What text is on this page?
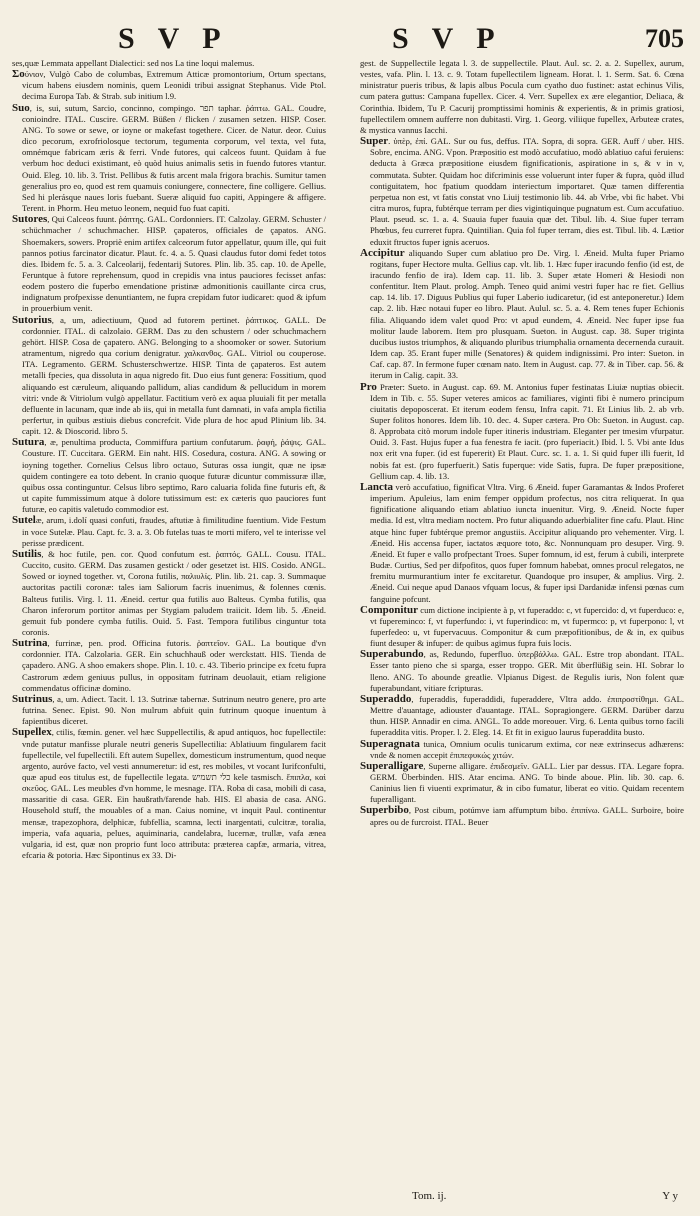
S V P	S V P	705

ses,quæ Lemmata appellant Dialectici: sed nos La tine loqui malemus.

Σούνιον, Vulgò Cabo de columbas, Extremum Atticæ promontorium, Ortum spectans, vicum habens eiusdem nominis, quem Leonidi tribui assignat Stephanus. Vide Ptol. decima Europa Tab. & Strab. sub initium l.9.

Suo, is, sui, sutum, Sarcio, concinno, compingo. תפר taphar. ῥάπτω. GAL. Coudre, conioindre. ITAL. Cuscire. GERM. Büßen / flicken / zusamen setzen. HISP. Coser. ANG. To sowe or sewe, or ioyne or makefast togethere. Cicer. de Natur. deor. Cuius dico pecorum, exrofriolosque tectorum, tegumenta corporum, vel texta, vel futa, omnémque fabricam æris & ferri. Vnde futores, qui calceos fuunt. Quidam à fue verbum hoc deduci existimant, eò quòd huius animalis setis in fuendo futores vtantur. Ouid. Eleg. 10. lib. 3. Trist. Pellibus & futis arcent mala frigora brachis. Sumitur tamen generalius pro eo, quod est rem quamuis coniungere, connectere, fine colligere. Gellius. Sed hi plerásque naues loris fuebant. Sueræ aliquid fuo capiti, Appingere & affigere. Terent. in Phorm. Heu metuo leonem, nequid fuo fuat capiti.

Sutores, Qui Calceos fuunt. ῥάπτης. GAL. Cordonniers. IT. Calzolay. GERM. Schuster / schüchmacher / schuchmacher. HISP. çapateros, officiales de çapatos. ANG. Shoemakers, sowers. Propriè enim artifex calceorum futor appellatur, quum ille, qui fuit pannos potius farcinator dicatur. Plaut. fc. 4. a. 5. Quasi claudus futor domi fedet totos dies. Ibidem fc. 5. a. 3. Calceolarij, fedentarij Sutores. Plin. lib. 35. cap. 10. de Apelle, Feruntque à futore reprehensum, quod in crepidis vna intus pauciores fecisset anfas: eodem postero die fuperbo emendatione pristinæ admonitionis cauillante circa crus, indignatum profpexisse denuntiantem, ne fupra crepidam futor iudicaret: quod & ipfum in prouerbium venit.

Sutorius, a, um, adiectiuum, Quod ad futorem pertinet. ῥάπτικος. GALL. De cordonnier. ITAL. di calzolaio. GERM. Das zu den schustern / oder schuchmachern gehört. HISP. Cosa de çapatero. ANG. Belonging to a shoomoker or sower. Sutorium atramentum, nigredo qua corium denigratur. χαλκανθος. GAL. Vitriol ou couperose. ITA. Legramento. GERM. Schusterschwertze. HISP. Tinta de çapateros. Est autem metalli fpecies, qua dissoluta in aqua nigredo fit. Duo eius funt genera: Fossitium, quod aliquando est cæruleum, aliquando pallidum, alias candidum & pellucidum in morem vitri: vnde & Vitriolum vulgò appellatur. Factitium verò ex aqua pluuiali fit per metalla defluente in lacunam, quæ inde ab iis, qui in metalla funt damnati, in vafa ampla fictilia perfertur, in quibus æstiuis diebus concrefcit. Vide plura de hoc apud Plinium lib. 34. capit. 12. & Dioscorid. libro 5.

Sutura, æ, penultima producta, Commiffura partium confutarum. ῥαφή, ῥάψις. GAL. Cousture. IT. Cuccitara. GERM. Ein naht. HIS. Cosedura, costura. ANG. A sowing or ioyning together. Cornelius Celsus libro octauo, Suturas ossa iungit, quæ ne ipsæ quidem contingere ea toto debent. In cranio quoque futuræ dicuntur commissuræ illæ, quibus ossa continguntur. Celsus libro septimo, Raro caluaria folida fine futuris eft, & ut capite fummissimum atque à dolore tutissimum est: ex cæteris quo pauciores funt futuræ, eo capitis valetudo commodior est.

Sutelæ, arum, i.dolí quasi confuti, fraudes, aftutiæ à fimilitudine fuentium. Vide Festum in voce Sutelæ. Plau. Capt. fc. 3. a. 3. Ob futelas tuas te morti mifero, vel te interisse vel perisse prædicent.

Sutilis, & hoc futile, pen. cor. Quod confutum est. ῥαπτός. GALL. Cousu. ITAL. Cuccito, cusito. GERM. Das zusamen gestickt / oder gesetzet ist. HIS. Cosido. ANGL. Sowed or ioyned together. vt, Corona futilis, παλιυλίς. Plin. lib. 21. cap. 3. Summaque auctoritas pactili coronæ: tales iam Saliorum facris inuenimus, & folennes cœnis. Balteus futilis. Virg. l. 11. Æneid. certur qua futilis auo Balteus. Cymba futilis, qua Charon inferorum portitor animas per Stygiam paludem traiicit. Idem lib. 5. Æneid. gemuit fub pondere cymba futilis. Ouid. 5. Fast. Tempora futilibus cinguntur tota coronis.

Sutrina, furrinæ, pen. prod. Officina futoris. ῥαπτεῖον. GAL. La boutique d'vn cordonnier. ITA. Calzolaria. GER. Ein schuchhauß oder werckstatt. HIS. Tienda de çapadero. ANG. A shoo emakers shope. Plin. l. 10. c. 43. Tiberio principe ex fcetu fupra Castrorum ædem geniuus pullus, in oppositam futrinam deuolauit, etiam religione commendatus officinæ domino.

Sutrinus, a, um. Adiect. Tacit. l. 13. Sutrinæ tabernæ. Sutrinum neutro genere, pro arte futrina. Senec. Epist. 90. Non mulrum abfuit quin futrinum quoque inuentum à fapientibus diceret.

Supellex, ctilis, fœmin. gener. vel hæc Suppellectilis, & apud antiquos, hoc fupellectile: vnde putatur manfisse plurale neutri generis Supellectilia: Ablatiuum fingularem facit fupellectile, vel fupellectili. Eft autem Supellex, domesticum instrumentum, quod neque argento, auróve facto, vel vesti annumeretur: id est, res mobiles, vt vocant Iurifconfulti, quæ apud eos titulus est, de fupellectile legata. כלי תשמיש kele tasmisch. ἔπιπλα, καὶ σκεῦος. GAL. Les meubles d'vn homme, le mesnage. ITA. Roba di casa, mobili di casa, massaritie di casa. GER. Ein haußrath/farende hab. HIS. El abasia de casa. ANG. Household stuff, the mouables of a man. Caius nomine, vt inquit Paul. continentur mensæ, trapezophora, delphicæ, fubfellia, scamna, lecti inargentati, culcitræ, toralia, imperia, vafa aquaria, pelues, aquiminaria, candelabra, lucernæ, trullæ, vafa ænea vulgaria, id est, quæ non proprio funt loco attributa: præterea capfæ, armaria, vitrea, efcaria & potoria. Hæc Sipontinus ex 33. Di-

gest. de Suppellectile legata l. 3. de suppellectile. Plaut. Aul. sc. 2. a. 2. Supellex, aurum, vestes, vafa. Plin. l. 13. c. 9. Totam fupellectilem ligneam. Horat. l. 1. Serm. Sat. 6. Cœna ministratur pueris tribus, & lapis albus Pocula cum cyatho duo fustinet: astat echinus Vilis, cum patera guttus: Campana fupellex. Cicer. 4. Verr. Supellex ex ære elegantior, Deliaca, & Corinthia. Ibidem, Tu P. Cacurij promptissimi hominis & experientis, & in primis gratiosi, fupellectilem omnem aufferre non dubitasti. Virg. 1. Georg. viliique fupellex, Arbuteæ crates, & mystica vannus Iacchi.

Super. ὑπὲρ, ἐπί. GAL. Sur ou fus, deffus. ITA. Sopra, di sopra. GER. Auff / uber. HIS. Sobre, encima. ANG. Vpon. Præpositio est modò accufatiuo, modò ablatiuo cafui feruiens: deducta à Græca præpositione eiusdem fignificationis, aspiratione in s, & v in v, commutata. Subter. Quidam hoc difcriminis esse voluerunt inter fuper & fupra, quòd illud contiguitatem, hoc fpatium quoddam interiectum importaret. Quæ tamen differentia perpetua non est, vt fatis constat vno Liuij testimonio lib. 44. ab Vrbe, vbi fic habet. Vbi citra muros, fupra, fubtérque terram per dies vigintiquinque pugnatum est. Cum accufatiuo. Plaut. pseud. sc. 1. a. 4. Suauia fuper fuauia quæ det. Tibul. lib. 4. Siue fuper terram Phœbus, feu curreret fupra. Quintilian. Quia fol fuper terram, dies est. Tibul. lib. 4. Lætior eduxit ftructos fuper ignis aceruos.

Accipitur aliquando Super cum ablatiuo pro De. Virg. l. Æneid. Multa fuper Priamo rogitans, fuper Hectore multa. Gellius cap. vlt. lib. 1. Hæc fuper iracundo fenfio (id est, de iracundo fenfio de ira). Idem cap. 11. lib. 3. Super ætate Homeri & Hesiodi non confentitur. Item Plaut. prolog. Amph. Teneo quid animi vestri fuper hac re fiet. Gellius cap. 14. lib. 17. Diguus Publius qui fuper Laberio iudicaretur, (id est anteponeretur.) Idem cap. 2. lib. Hæc notaui fuper eo libro. Plaut. Aulul. sc. 5. a. 4. Rem tenes fuper Echionis filia. Aliquando idem valet quod Pro: vt apud eundem, 4. Æneid. Nec fuper ipse fua molitur laude laborem. Item pro plusquam. Sueton. in August. cap. 38. Super triginta ducibus iustos triumphos, & aliquando pluribus triumphalia ornamenta decernenda curauit. Idem cap. 35. Erant fuper mille (Senatores) & quidem indignissimi. Pro inter: Sueton. in Caf. cap. 87. In fermone fuper cœnam nato. Item in August. cap. 77. & in Tiber. cap. 56. & iterum in Calig. capit. 33.

Pro Præter: Sueto. in August. cap. 69. M. Antonius fuper festinatas Liuiæ nuptias obiecit. Idem in Tib. c. 55. Super veteres amicos ac familiares, viginti fibi è numero principum ciuitatis depoposcerat. Et iterum eodem fensu, Infra capit. 71. Et Linius lib. 2. ab vrb. Super folitos honores. Idem lib. 10. dec. 4. Super cætera. Pro Ob: Sueton. in August. cap. 8. Approbata citò morum indole fuper itineris industriam. Eleganter per tmesim vfurpatur. Ouid. 3. Fast. Hujus fuper a fua fenestra fe iacit. (pro fuperiacit.) Ibid. l. 5. Vbi ante Idus nox erit vna fuper. (id est fupererit) Et Plaut. Curc. sc. 1. a. 1. Si quid fuper illi fuerit, Id nobis fat est. (pro fuperfuerit.) Satis fuperque: vide Satis, fupra. De fuper præpositione, Gellium cap. 4. lib. 13.

Lancta verò accufatiuo, fignificat Vltra. Virg. 6 Æneid. fuper Garamantas & Indos Proferet imperium. Apuleius, lam enim femper oppidum profectus, nos citra reliquerat. In qua fignificatione aliquando etiam ablatiuo iuncta inuenitur. Virg. 9. Æneid. Nocte fuper media. Id est, vltra mediam noctem. Pro futur aliquando aduerbialiter fine cafu. Plaut. Hinc atque hinc fuper fubtérque premor angustiis. Accipitur aliquando pro vehementer. Virg. l. Æneid. His accensa fuper, iactatos æquore toto, &c. Nonnunquam pro desuper. Virg. 9. Æneid. Et fuper e vallo profpectant Troes. Super fomnum, id est, ferum à cubili, interprete Budæ. Curtius, Sed per difpofitos, quos fuper fomnum habebat, omnes procul relegatos, ne fremitu murmurantium inter fe excitaretur. Quandoque pro insuper, & amplius. Virg. 2. Æneid. Cui neque apud Danaos vfquam locus, & fuper ipsi Dardanidæ infensi pœnas cum fanguine pofcunt.

Componitur cum dictione incipiente à p, vt fuperaddo: c, vt fupercido: d, vt fuperduco: e, vt fupereminco: f, vt fuperfundo: i, vt fuperindico: m, vt fupermco: p, vt fuperpono: l, vt fuperfedeo: u, vt fupervacuus. Componitur & cum præpofitionibus, de & in, ex quibus fiunt desuper & infuper: de quibus agimus fupra fuis locis.

Superabundo, as, Redundo, fuperfluo. ὑπερβάλλω. GAL. Estre trop abondant. ITAL. Esser tanto pieno che si sparga, esser troppo. GER. Mit überflüßig sein. HI. Sobrar lo lleno. ANG. To abounde greatlie. Vlpianus Digest. de Regulis iuris, Non folent quæ fuperabundant, vitiare fcripturas.

Superaddo, fuperaddis, fuperaddidi, fuperaddere, Vltra addo. ἐπιπροστίθημι. GAL. Mettre d'auantage, adiouster d'auantage. ITAL. Sopragiongere. GERM. Darüber darzu thun. HISP. Annadir en cima. ANGL. To adde moreouer. Virg. 6. Lenta quibus torno facili fuperaddita vitis. Proper. l. 2. Eleg. 14. Et fit in exiguo laurus fuperaddita busto.

Superagnata tunica, Omnium oculis tunicarum extima, cor neæ extrinsecus adhærens: vnde & nomen accepit ἐπιπεφυκώς χιτών.

Superalligare, Superne alligare. ἐπιδεσμεῖν. GALL. Lier par dessus. ITA. Legare fopra. GERM. Überbinden. HIS. Atar encima. ANG. To binde aboue. Plin. lib. 30. cap. 6. Caninius lien fi viuenti exprimatur, & in cibo fumatur, liberat eo vitio. Quidam recentem fuperalligant.

Superbibo, Post cibum, potúmve iam affumptum bibo. ἐπιπίνω. GALL. Surboire, boire apres ou de furcroist. ITAL. Beuer

Tom. ij.	Y y
